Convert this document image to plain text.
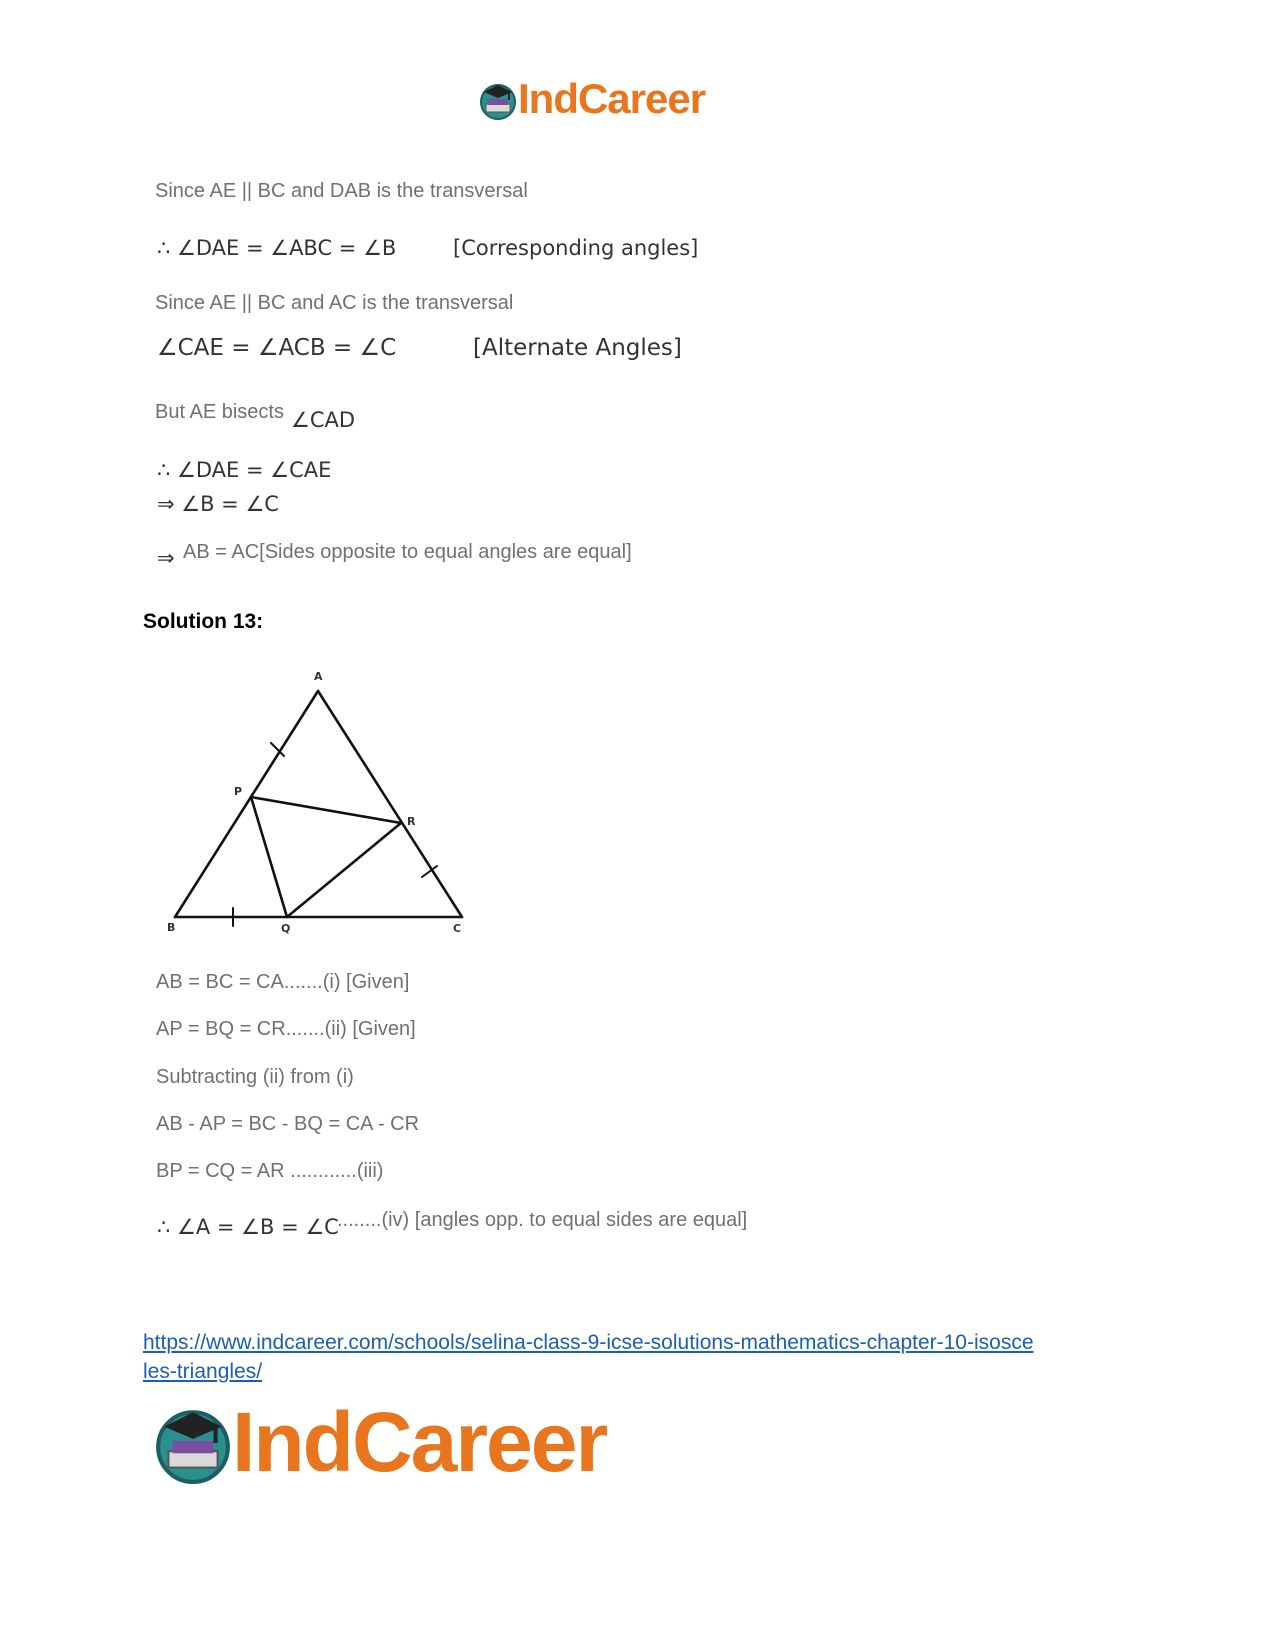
IndCareer
Since AE || BC and DAB is the transversal
∴ ∠DAE = ∠ABC = ∠B	[Corresponding angles]
Since AE || BC and AC is the transversal
∠CAE = ∠ACB = ∠C	[Alternate Angles]
But AE bisects ∠CAD
∴ ∠DAE = ∠CAE
⇒ ∠B = ∠C
⇒ AB = AC[Sides opposite to equal angles are equal]
Solution 13:
A
P
R
B	Q	C
AB = BC = CA.......(i) [Given]
AP = BQ = CR.......(ii) [Given]
Subtracting (ii) from (i)
AB - AP = BC - BQ = CA - CR
BP = CQ = AR ............(iii)
∴ ∠A = ∠B = ∠C
........(iv) [angles opp. to equal sides are equal]
https://www.indcareer.com/schools/selina-class-9-icse-solutions-mathematics-chapter-10-isosce
les-triangles/
IndCareer
